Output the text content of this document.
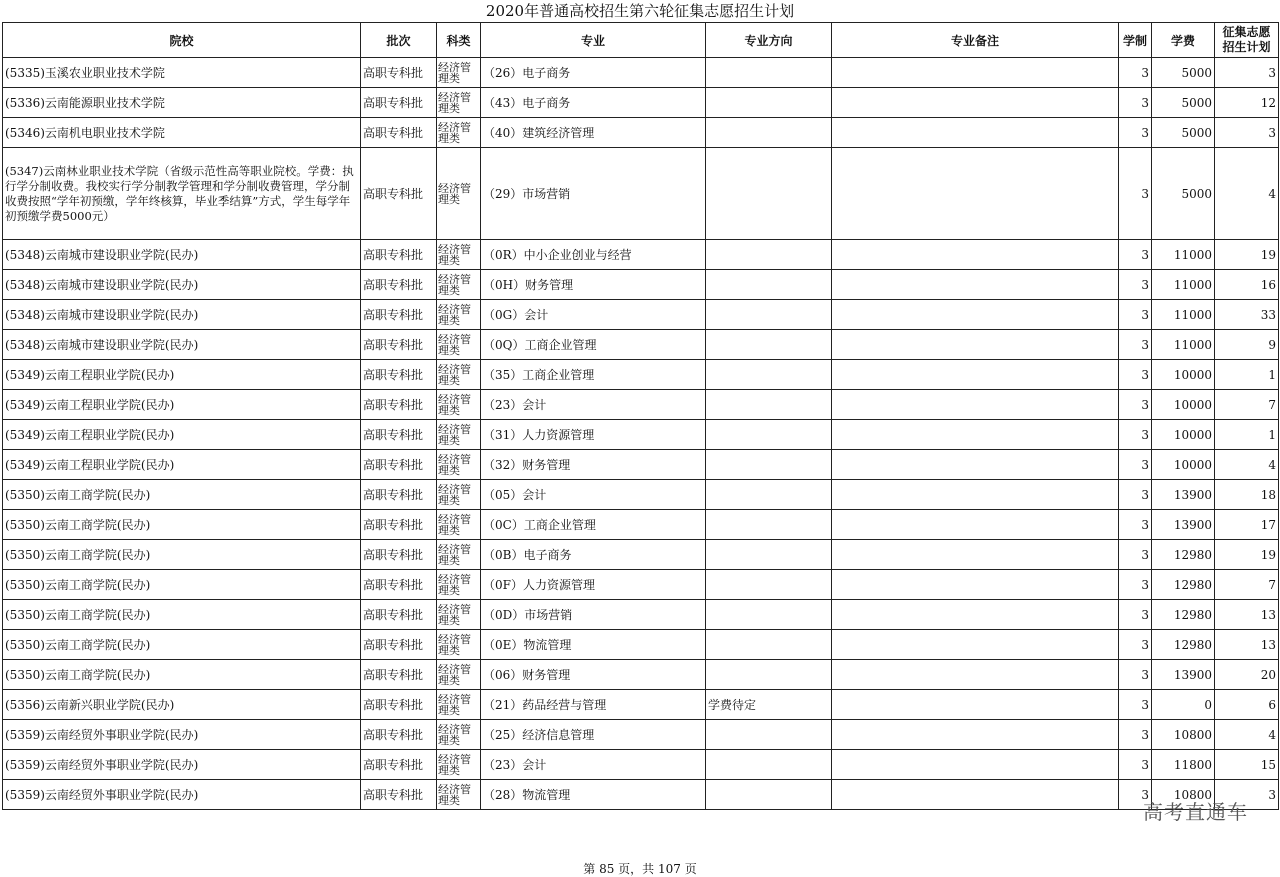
2020年普通高校招生第六轮征集志愿招生计划
院校	批次	科类	专业	专业方向	专业备注	学制	学费	征集志愿招生计划
(5335)玉溪农业职业技术学院	高职专科批	经济管理类	（26）电子商务			3	5000	3
(5336)云南能源职业技术学院	高职专科批	经济管理类	（43）电子商务			3	5000	12
(5346)云南机电职业技术学院	高职专科批	经济管理类	（40）建筑经济管理			3	5000	3
(5347)云南林业职业技术学院（省级示范性高等职业院校。学费：执行学分制收费。我校实行学分制教学管理和学分制收费管理，学分制收费按照“学年初预缴，学年终核算，毕业季结算”方式，学生每学年初预缴学费5000元）	高职专科批	经济管理类	（29）市场营销			3	5000	4
(5348)云南城市建设职业学院(民办)	高职专科批	经济管理类	（0R）中小企业创业与经营			3	11000	19
(5348)云南城市建设职业学院(民办)	高职专科批	经济管理类	（0H）财务管理			3	11000	16
(5348)云南城市建设职业学院(民办)	高职专科批	经济管理类	（0G）会计			3	11000	33
(5348)云南城市建设职业学院(民办)	高职专科批	经济管理类	（0Q）工商企业管理			3	11000	9
(5349)云南工程职业学院(民办)	高职专科批	经济管理类	（35）工商企业管理			3	10000	1
(5349)云南工程职业学院(民办)	高职专科批	经济管理类	（23）会计			3	10000	7
(5349)云南工程职业学院(民办)	高职专科批	经济管理类	（31）人力资源管理			3	10000	1
(5349)云南工程职业学院(民办)	高职专科批	经济管理类	（32）财务管理			3	10000	4
(5350)云南工商学院(民办)	高职专科批	经济管理类	（05）会计			3	13900	18
(5350)云南工商学院(民办)	高职专科批	经济管理类	（0C）工商企业管理			3	13900	17
(5350)云南工商学院(民办)	高职专科批	经济管理类	（0B）电子商务			3	12980	19
(5350)云南工商学院(民办)	高职专科批	经济管理类	（0F）人力资源管理			3	12980	7
(5350)云南工商学院(民办)	高职专科批	经济管理类	（0D）市场营销			3	12980	13
(5350)云南工商学院(民办)	高职专科批	经济管理类	（0E）物流管理			3	12980	13
(5350)云南工商学院(民办)	高职专科批	经济管理类	（06）财务管理			3	13900	20
(5356)云南新兴职业学院(民办)	高职专科批	经济管理类	（21）药品经营与管理	学费待定		3	0	6
(5359)云南经贸外事职业学院(民办)	高职专科批	经济管理类	（25）经济信息管理			3	10800	4
(5359)云南经贸外事职业学院(民办)	高职专科批	经济管理类	（23）会计			3	11800	15
(5359)云南经贸外事职业学院(民办)	高职专科批	经济管理类	（28）物流管理			3	10800	3
高考直通车
第 85 页，共 107 页
